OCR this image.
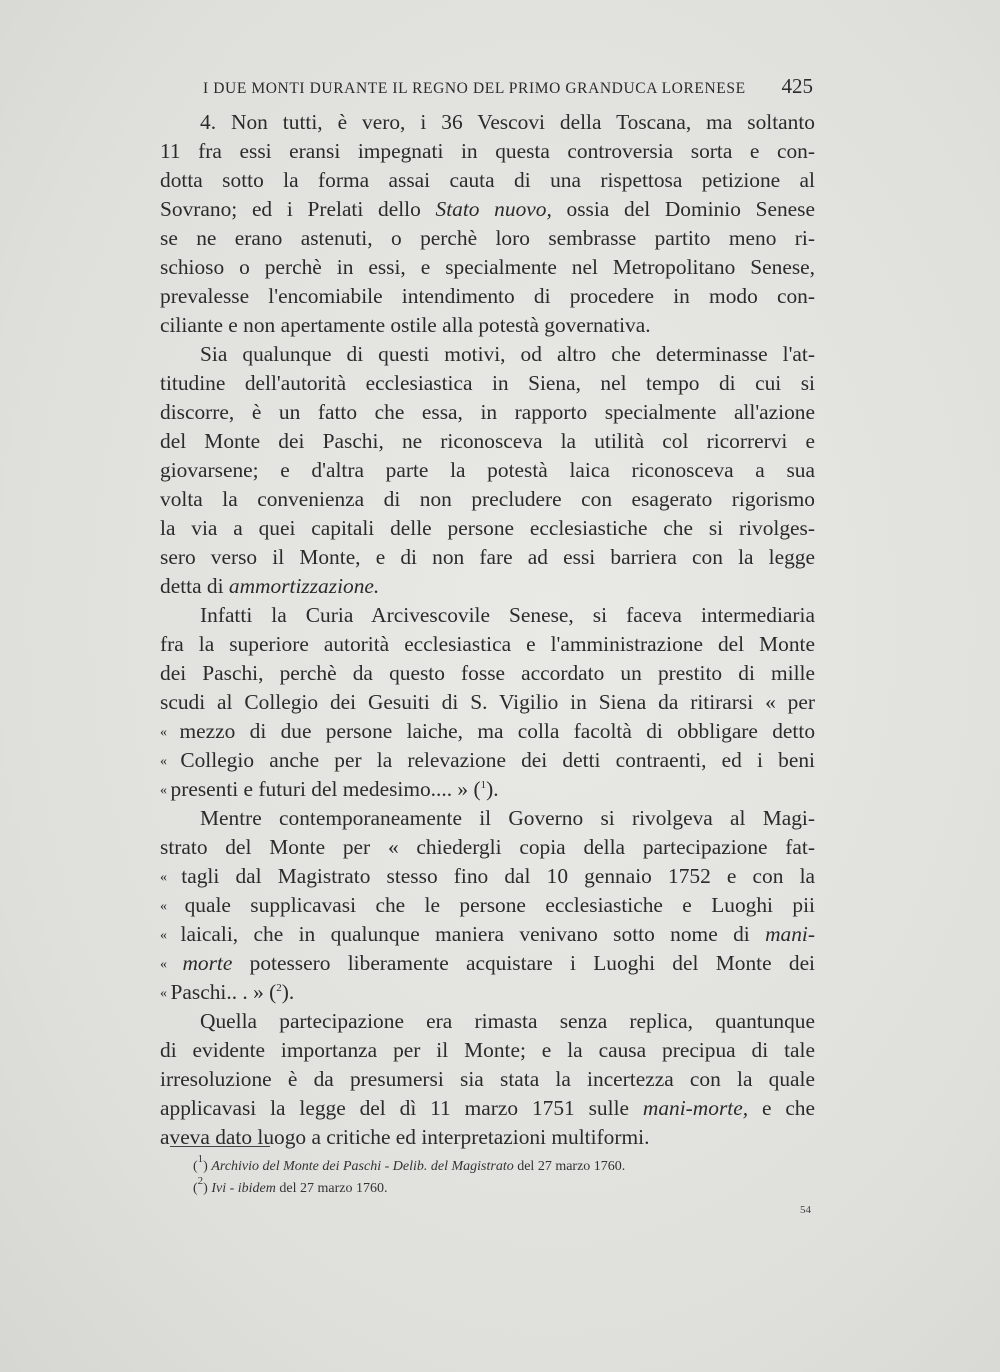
I DUE MONTI DURANTE IL REGNO DEL PRIMO GRANDUCA LORENESE 425
4. Non tutti, è vero, i 36 Vescovi della Toscana, ma soltanto
11 fra essi eransi impegnati in questa controversia sorta e con-
dotta sotto la forma assai cauta di una rispettosa petizione al
Sovrano; ed i Prelati dello Stato nuovo, ossia del Dominio Senese
se ne erano astenuti, o perchè loro sembrasse partito meno ri-
schioso o perchè in essi, e specialmente nel Metropolitano Senese,
prevalesse l'encomiabile intendimento di procedere in modo con-
ciliante e non apertamente ostile alla potestà governativa.
Sia qualunque di questi motivi, od altro che determinasse l'at-
titudine dell'autorità ecclesiastica in Siena, nel tempo di cui si
discorre, è un fatto che essa, in rapporto specialmente all'azione
del Monte dei Paschi, ne riconosceva la utilità col ricorrervi e
giovarsene; e d'altra parte la potestà laica riconosceva a sua
volta la convenienza di non precludere con esagerato rigorismo
la via a quei capitali delle persone ecclesiastiche che si rivolges-
sero verso il Monte, e di non fare ad essi barriera con la legge
detta di ammortizzazione.
Infatti la Curia Arcivescovile Senese, si faceva intermediaria
fra la superiore autorità ecclesiastica e l'amministrazione del Monte
dei Paschi, perchè da questo fosse accordato un prestito di mille
scudi al Collegio dei Gesuiti di S. Vigilio in Siena da ritirarsi « per
« mezzo di due persone laiche, ma colla facoltà di obbligare detto
« Collegio anche per la relevazione dei detti contraenti, ed i beni
« presenti e futuri del medesimo.... » ($^1$).
Mentre contemporaneamente il Governo si rivolgeva al Magi-
strato del Monte per « chiedergli copia della partecipazione fat-
« tagli dal Magistrato stesso fino dal 10 gennaio 1752 e con la
« quale supplicavasi che le persone ecclesiastiche e Luoghi pii
« laicali, che in qualunque maniera venivano sotto nome di mani-
« morte potessero liberamente acquistare i Luoghi del Monte dei
« Paschi.. . » ($^2$).
Quella partecipazione era rimasta senza replica, quantunque
di evidente importanza per il Monte; e la causa precipua di tale
irresoluzione è da presumersi sia stata la incertezza con la quale
applicavasi la legge del dì 11 marzo 1751 sulle mani-morte, e che
aveva dato luogo a critiche ed interpretazioni multiformi.
($^1$) Archivio del Monte dei Paschi - Delib. del Magistrato del 27 marzo 1760.
($^2$) Ivi - ibidem del 27 marzo 1760.
54
